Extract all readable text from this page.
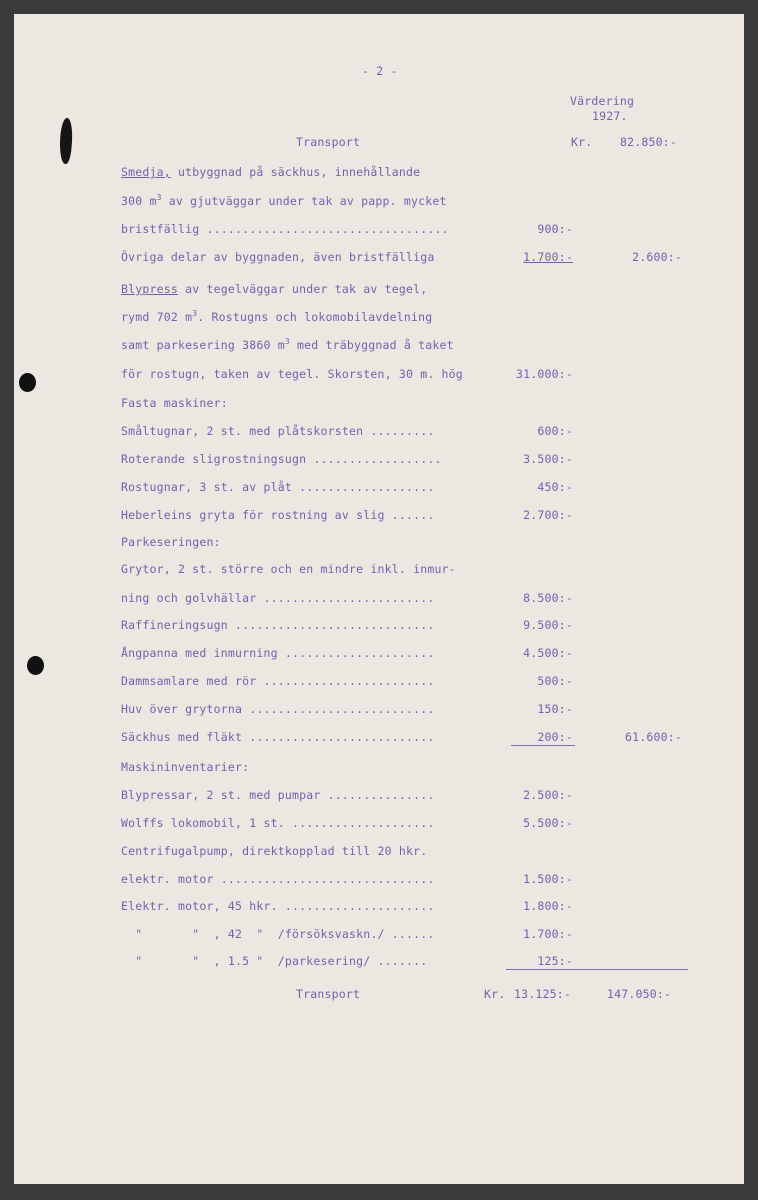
- 2 -
Värdering
1927.
Transport	Kr. 82.850:-
Smedja, utbyggnad på säckhus, innehållande
300 $m^3$ av gjutväggar under tak av papp. mycket
bristfällig ..................................	900:-
Övriga delar av byggnaden, även bristfälliga	1.700:-	2.600:-
Blypress av tegelväggar under tak av tegel,
rymd 702 $m^3$. Rostugns och lokomobilavdelning
samt parkesering 3860 $m^3$ med träbyggnad å taket
för rostugn, taken av tegel. Skorsten, 30 m. hög	31.000:-
Fasta maskiner:
Småltugnar, 2 st. med plåtskorsten .........	600:-
Roterande sligrostningsugn ..................	3.500:-
Rostugnar, 3 st. av plåt ...................	450:-
Heberleins gryta för rostning av slig ......	2.700:-
Parkeseringen:
Grytor, 2 st. större och en mindre inkl. inmur-
ning och golvhällar ........................	8.500:-
Raffineringsugn ............................	9.500:-
Ångpanna med inmurning .....................	4.500:-
Dammsamlare med rör ........................	500:-
Huv över grytorna ..........................	150:-
Säckhus med fläkt ..........................	200:-	61.600:-
Maskininventarier:
Blypressar, 2 st. med pumpar ...............	2.500:-
Wolffs lokomobil, 1 st. ....................	5.500:-
Centrifugalpump, direktkopplad till 20 hkr.
elektr. motor ..............................	1.500:-
Elektr. motor, 45 hkr. .....................	1.800:-
"       "  , 42  "  /försöksvaskn./ ......	1.700:-
"       "  , 1.5 "  /parkesering/ .......	125:-
Transport	Kr. 13.125:-	147.050:-
